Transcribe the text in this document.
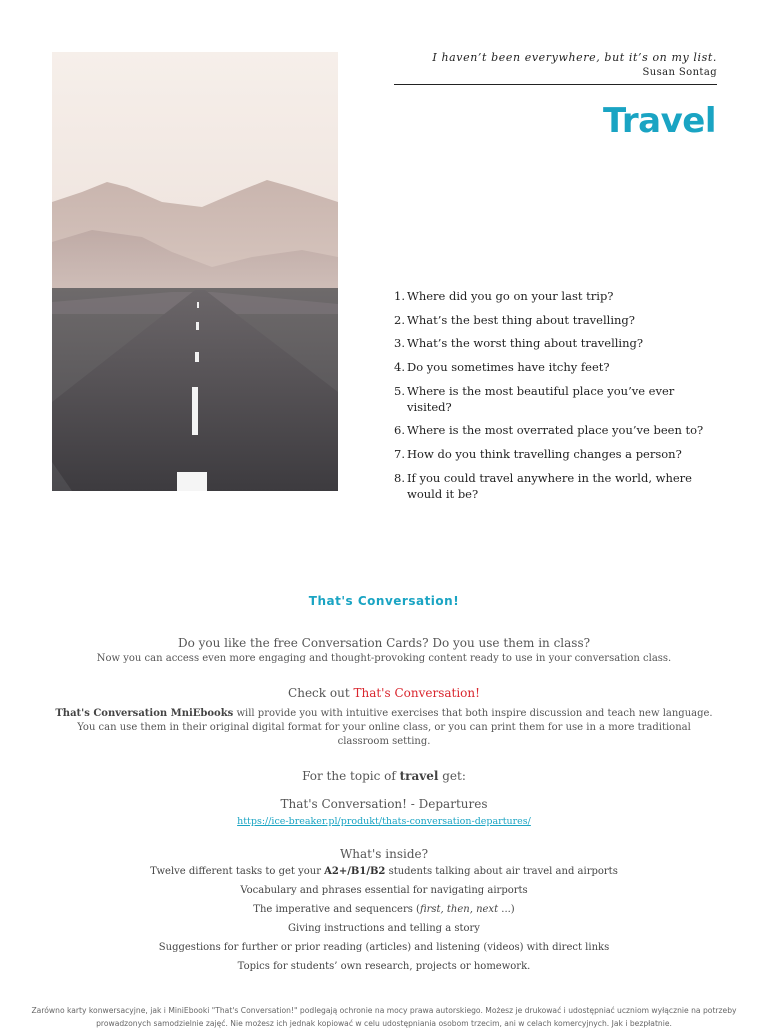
I haven’t been everywhere, but it’s on my list.
Susan Sontag
Travel
1. Where did you go on your last trip?
2. What’s the best thing about travelling?
3. What’s the worst thing about travelling?
4. Do you sometimes have itchy feet?
5. Where is the most beautiful place you’ve ever visited?
6. Where is the most overrated place you’ve been to?
7. How do you think travelling changes a person?
8. If you could travel anywhere in the world, where would it be?
That's Conversation!

Do you like the free Conversation Cards? Do you use them in class?

Now you can access even more engaging and thought-provoking content ready to use in your conversation class.

Check out That's Conversation!

That's Conversation MniEbooks will provide you with intuitive exercises that both inspire discussion and teach new language. You can use them in their original digital format for your online class, or you can print them for use in a more traditional classroom setting.

For the topic of travel get:

That's Conversation! - Departures

https://ice-breaker.pl/produkt/thats-conversation-departures/

What's inside?

Twelve different tasks to get your A2+/B1/B2 students talking about air travel and airports
Vocabulary and phrases essential for navigating airports
The imperative and sequencers (first, then, next ...)
Giving instructions and telling a story
Suggestions for further or prior reading (articles) and listening (videos) with direct links
Topics for students’ own research, projects or homework.
Zarówno karty konwersacyjne, jak i MiniEbooki "That's Conversation!" podlegają ochronie na mocy prawa autorskiego. Możesz je drukować i udostępniać uczniom wyłącznie na potrzeby prowadzonych samodzielnie zajęć. Nie możesz ich jednak kopiować w celu udostępniania osobom trzecim, ani w celach komercyjnych. Jak i bezpłatnie.
